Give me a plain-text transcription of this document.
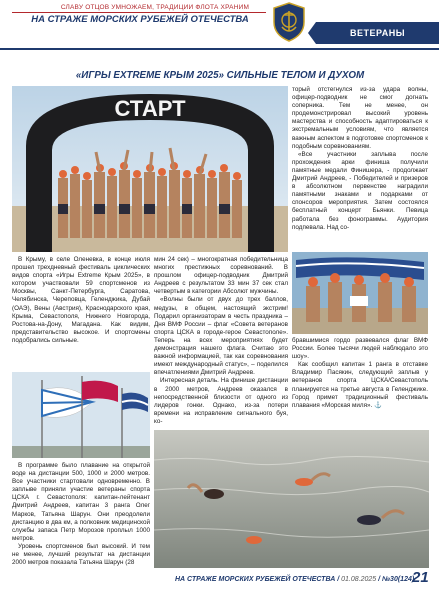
СЛАВУ ОТЦОВ УМНОЖАЕМ, ТРАДИЦИИ ФЛОТА ХРАНИМ
НА СТРАЖЕ МОРСКИХ РУБЕЖЕЙ ОТЕЧЕСТВА
ВЕТЕРАНЫ
«ИГРЫ EXTREME КРЫМ 2025» СИЛЬНЫЕ ТЕЛОМ И ДУХОМ
СТАРТ

В Крыму, в селе Оленевка, в конце июля прошел трехдневный фестиваль циклических видов спорта «Игры Extreme Крым 2025», в котором участвовали 59 спортсменов из Москвы, Санкт-Петербурга, Саратова, Челябинска, Череповца, Геленджика, Дубай (ОАЭ), Вены (Австрия), Краснодарского края, Крыма, Севастополя, Нижнего Новгорода, Ростова-на-Дону, Магадана. Как видим, представительство высокое. И спортсмены подобрались сильные.

В программе было плавание на открытой воде на дистанции 500, 1000 и 2000 метров. Все участники стартовали одновременно. В заплыве приняли участие ветераны спорта ЦСКА г. Севастополя: капитан-лейтенант Дмитрий Андреев, капитан 3 ранга Олег Марков, Татьяна Шарун. Они преодолели дистанцию в два км, а полковник медицинской службы запаса Петр Морозов проплыл 1000 метров.

Уровень спортсменов был высокий. И тем не менее, лучший результат на дистанции 2000 метров показала Татьяна Шарун (28

мин 24 сек) – многократная победительница многих престижных соревнований. В прошлом офицер-подводник Дмитрий Андреев с результатом 33 мин 37 сек стал четвертым в категории Абсолют мужчины.

«Волны были от двух до трех баллов, медузы, в общем, настоящий экстрим! Подарил организаторам в честь праздника – Дня ВМФ России – флаг «Совета ветеранов спорта ЦСКА в городе-герое Севастополе». Теперь на всех мероприятиях будет демонстрация нашего флага. Считаю это важной информацией, так как соревнования имеют международный статус», – поделился впечатлениями Дмитрий Андреев.

Интересная деталь. На финише дистанции в 2000 метров, Андреев оказался в непосредственной близости от одного из лидеров гонки. Однако, из-за потери времени на исправление сигнального буя, ко-

торый отстегнулся из-за удара волны, офицер-подводник не смог догнать соперника. Тем не менее, он продемонстрировал высокий уровень мастерства и способность адаптироваться к экстремальным условиям, что является важным аспектом в подготовке спортсменов к подобным соревнованиям.

«Все участники заплыва после прохождения арки финиша получили памятные медали Финишера, - продолжает Дмитрий Андреев, - Победителей и призеров в абсолютном первенстве наградили памятными знаками и подарками от спонсоров мероприятия. Затем состоялся бесплатный концерт Бьянки. Певица работала без фонограммы. Аудитория подпевала. Над со-

бравшимися гордо развевался флаг ВМФ России. Более тысячи людей наблюдало это шоу».

Как сообщил капитан 1 ранга в отставке Владимир Пасякин, следующий заплыв у ветеранов спорта ЦСКА/Севастополь планируется на третье августа в Геленджике. Город примет традиционный фестиваль плавания «Морская миля». ⚓

НА СТРАЖЕ МОРСКИХ РУБЕЖЕЙ ОТЕЧЕСТВА / 01.08.2025 / №30(124)
21
